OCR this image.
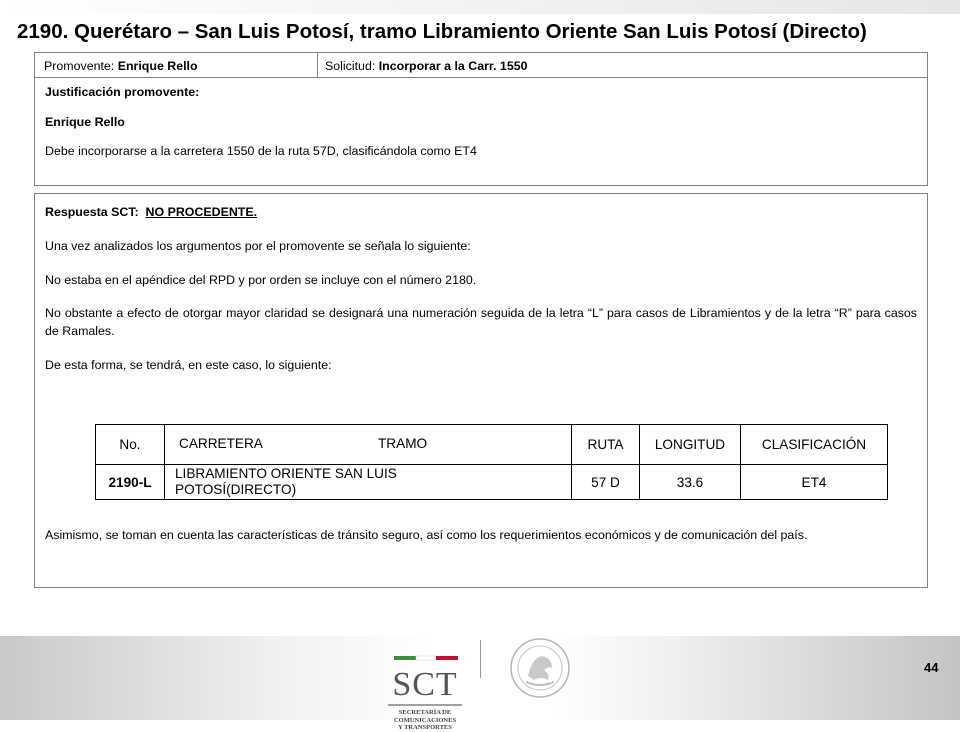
2190. Querétaro – San Luis Potosí, tramo Libramiento Oriente San Luis Potosí (Directo)
Promovente: Enrique Rello	Solicitud: Incorporar a la Carr. 1550

Justificación promovente:

Enrique Rello

Debe incorporarse a la carretera 1550 de la ruta 57D, clasificándola como ET4

Respuesta SCT: NO PROCEDENTE.

Una vez analizados los argumentos por el promovente se señala lo siguiente:

No estaba en el apéndice del RPD y por orden se incluye con el número 2180.

No obstante a efecto de otorgar mayor claridad se designará una numeración seguida de la letra “L” para casos de Libramientos y de la letra “R” para casos de Ramales.

De esta forma, se tendrá, en este caso, lo siguiente:

Asimismo, se toman en cuenta las características de tránsito seguro, así como los requerimientos económicos y de comunicación del país.

No.	CARRETERA TRAMO	RUTA	LONGITUD	CLASIFICACIÓN
2190-L	LIBRAMIENTO ORIENTE SAN LUIS
POTOSÍ(DIRECTO)	57 D	33.6	ET4
SCT
SECRETARÍA DE
COMUNICACIONES
Y TRANSPORTES
44
